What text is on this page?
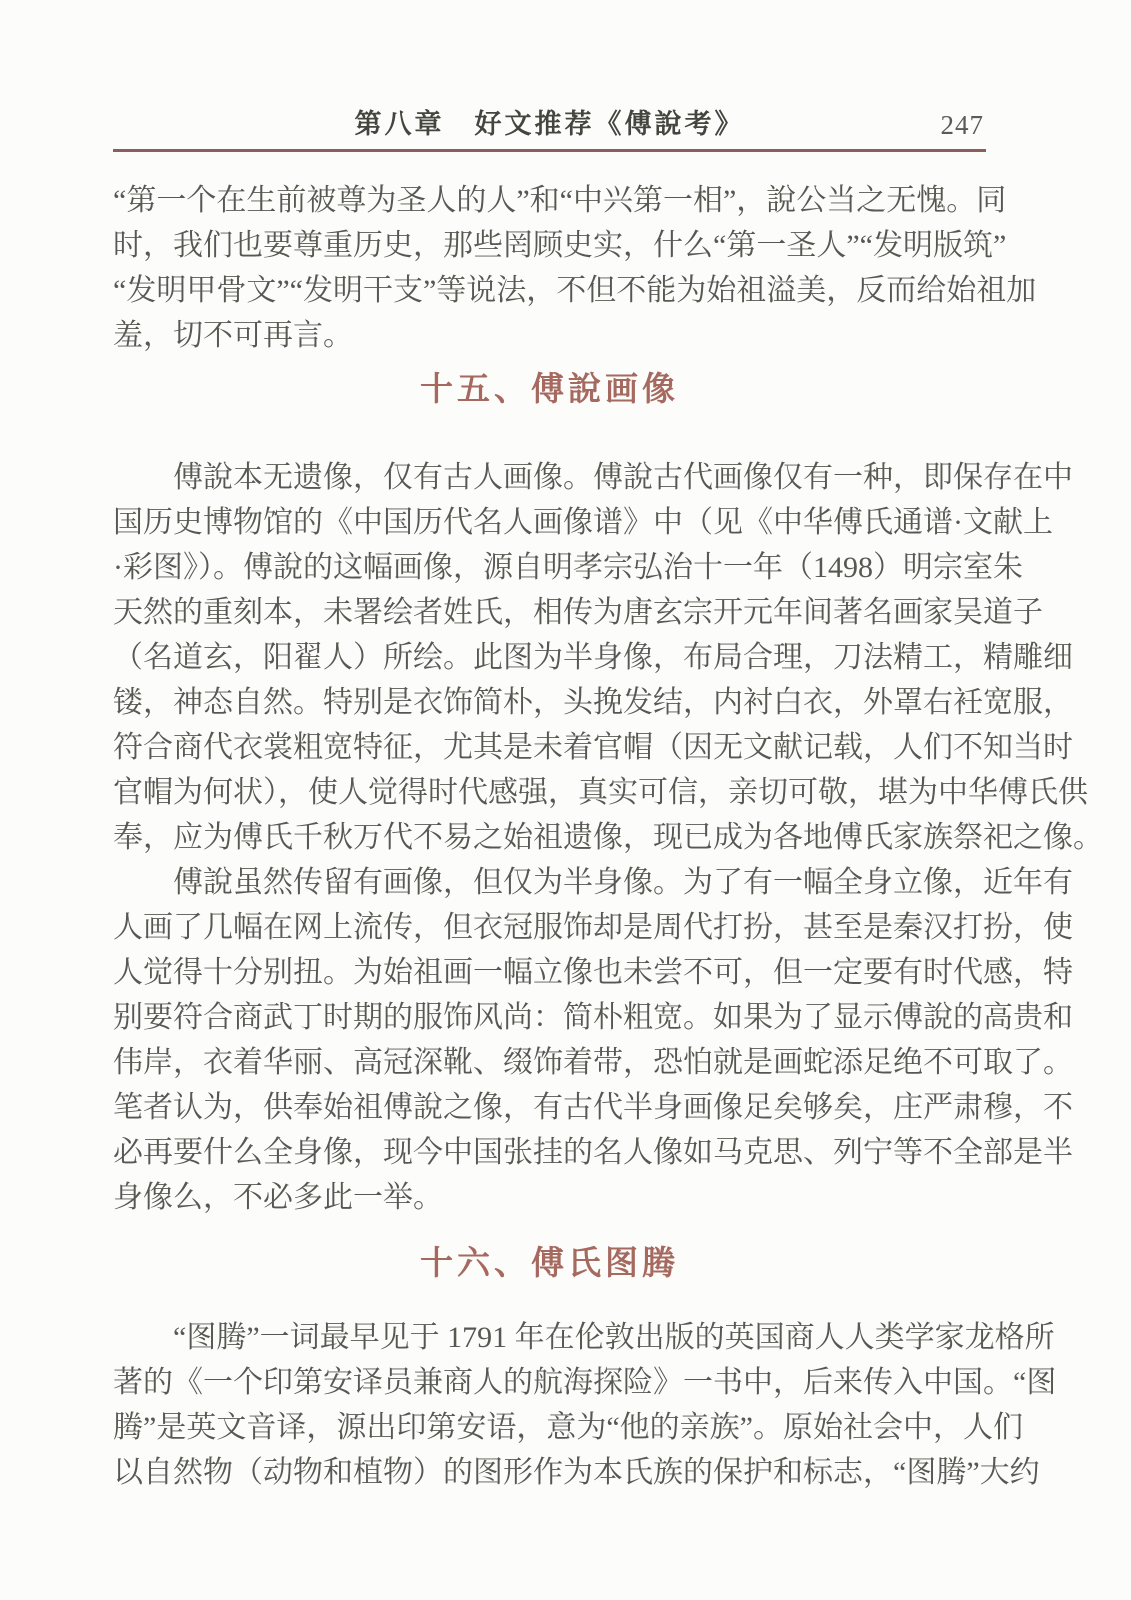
第八章　好文推荐《傅說考》	247
“第一个在生前被尊为圣人的人”和“中兴第一相”，說公当之无愧。同
时，我们也要尊重历史，那些罔顾史实，什么“第一圣人”“发明版筑”
“发明甲骨文”“发明干支”等说法，不但不能为始祖溢美，反而给始祖加
羞，切不可再言。
十五、傅說画像
傅說本无遗像，仅有古人画像。傅說古代画像仅有一种，即保存在中
国历史博物馆的《中国历代名人画像谱》中（见《中华傅氏通谱·文献上
·彩图》）。傅說的这幅画像，源自明孝宗弘治十一年（1498）明宗室朱
天然的重刻本，未署绘者姓氏，相传为唐玄宗开元年间著名画家吴道子
（名道玄，阳翟人）所绘。此图为半身像，布局合理，刀法精工，精雕细
镂，神态自然。特别是衣饰简朴，头挽发结，内衬白衣，外罩右衽宽服，
符合商代衣裳粗宽特征，尤其是未着官帽（因无文献记载，人们不知当时
官帽为何状），使人觉得时代感强，真实可信，亲切可敬，堪为中华傅氏供
奉，应为傅氏千秋万代不易之始祖遗像，现已成为各地傅氏家族祭祀之像。
傅說虽然传留有画像，但仅为半身像。为了有一幅全身立像，近年有
人画了几幅在网上流传，但衣冠服饰却是周代打扮，甚至是秦汉打扮，使
人觉得十分别扭。为始祖画一幅立像也未尝不可，但一定要有时代感，特
别要符合商武丁时期的服饰风尚：简朴粗宽。如果为了显示傅說的高贵和
伟岸，衣着华丽、高冠深靴、缀饰着带，恐怕就是画蛇添足绝不可取了。
笔者认为，供奉始祖傅說之像，有古代半身画像足矣够矣，庄严肃穆，不
必再要什么全身像，现今中国张挂的名人像如马克思、列宁等不全部是半
身像么，不必多此一举。
十六、傅氏图腾
“图腾”一词最早见于 1791 年在伦敦出版的英国商人人类学家龙格所
著的《一个印第安译员兼商人的航海探险》一书中，后来传入中国。“图
腾”是英文音译，源出印第安语，意为“他的亲族”。原始社会中，人们
以自然物（动物和植物）的图形作为本氏族的保护和标志，“图腾”大约
